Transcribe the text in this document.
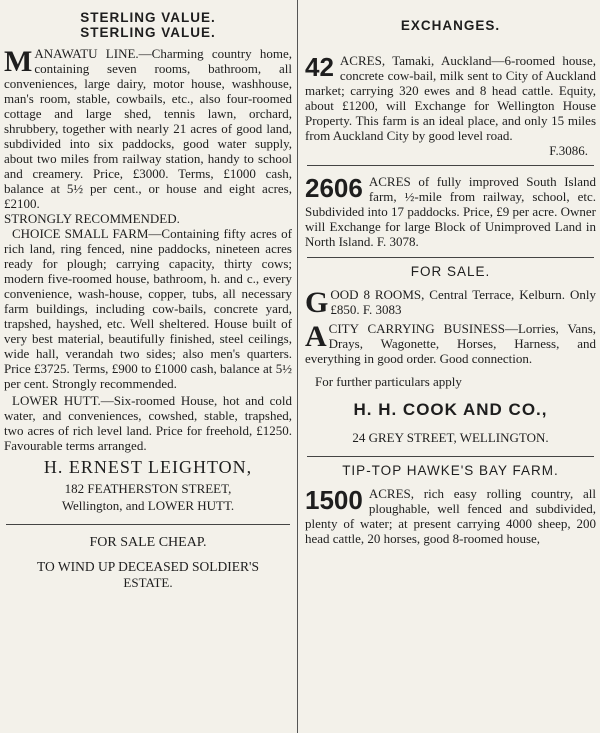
STERLING VALUE.
STERLING VALUE.
MANAWATU LINE.—Charming country home, containing seven rooms, bathroom, all conveniences, large dairy, motor house, washhouse, man's room, stable, cowbails, etc., also four-roomed cottage and large shed, tennis lawn, orchard, shrubbery, together with nearly 21 acres of good land, subdivided into six paddocks, good water supply, about two miles from railway station, handy to school and creamery. Price, £3000. Terms, £1000 cash, balance at 5½ per cent., or house and eight acres, £2100.
STRONGLY RECOMMENDED.
CHOICE SMALL FARM—Containing fifty acres of rich land, ring fenced, nine paddocks, nineteen acres ready for plough; carrying capacity, thirty cows; modern five-roomed house, bathroom, h. and c., every convenience, wash-house, copper, tubs, all necessary farm buildings, including cow-bails, concrete yard, trapshed, hayshed, etc. Well sheltered. House built of very best material, beautifully finished, steel ceilings, wide hall, verandah two sides; also men's quarters. Price £3725. Terms, £900 to £1000 cash, balance at 5½ per cent. Strongly recommended.
LOWER HUTT.—Six-roomed House, hot and cold water, and conveniences, cowshed, stable, trapshed, two acres of rich level land. Price for freehold, £1250. Favourable terms arranged.
H. ERNEST LEIGHTON,
182 FEATHERSTON STREET,
Wellington, and LOWER HUTT.
FOR SALE CHEAP.
TO WIND UP DECEASED SOLDIER'S
ESTATE.
EXCHANGES.
42 ACRES, Tamaki, Auckland—6-roomed house, concrete cow-bail, milk sent to City of Auckland market; carrying 320 ewes and 8 head cattle. Equity, about £1200, will Exchange for Wellington House Property. This farm is an ideal place, and only 15 miles from Auckland City by good level road.
F.3086.
2606 ACRES of fully improved South Island farm, ½-mile from railway, school, etc. Subdivided into 17 paddocks. Price, £9 per acre. Owner will Exchange for large Block of Unimproved Land in North Island. F. 3078.
FOR SALE.
GOOD 8 ROOMS, Central Terrace, Kelburn. Only £850. F. 3083
ACITY CARRYING BUSINESS—Lorries, Vans, Drays, Wagonette, Horses, Harness, and everything in good order. Good connection.
For further particulars apply
H. H. COOK AND CO.,
24 GREY STREET, WELLINGTON.
TIP-TOP HAWKE'S BAY FARM.
1500 ACRES, rich easy rolling country, all ploughable, well fenced and subdivided, plenty of water; at present carrying 4000 sheep, 200 head cattle, 20 horses, good 8-roomed house,
